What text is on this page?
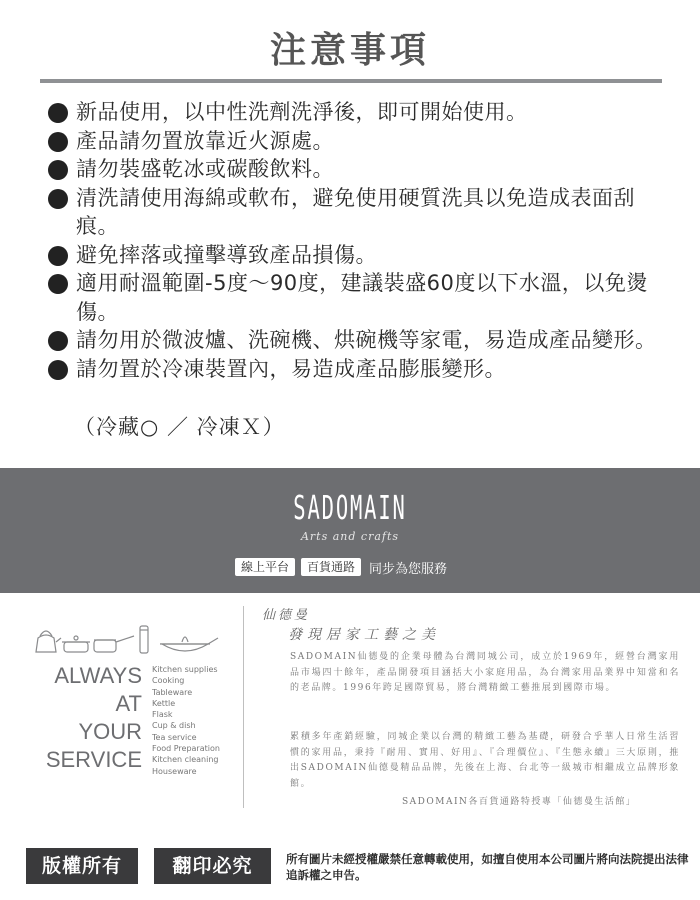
注意事項
新品使用，以中性洗劑洗淨後，即可開始使用。
產品請勿置放靠近火源處。
請勿裝盛乾冰或碳酸飲料。
清洗請使用海綿或軟布，避免使用硬質洗具以免造成表面刮痕。
避免摔落或撞擊導致產品損傷。
適用耐溫範圍-5度～90度，建議裝盛60度以下水溫，以免燙傷。
請勿用於微波爐、洗碗機、烘碗機等家電，易造成產品變形。
請勿置於冷凍裝置內，易造成產品膨脹變形。
（冷藏○ ／ 冷凍Ｘ）
SADOMAIN
Arts and crafts
線上平台	百貨通路	同步為您服務
ALWAYS AT
YOUR
SERVICE
Kitchen supplies
Cooking
Tableware
Kettle
Flask
Cup & dish
Tea service
Food Preparation
Kitchen cleaning
Houseware
仙德曼
發現居家工藝之美

SADOMAIN仙德曼的企業母體為台灣同城公司，成立於1969年，經營台灣家用品市場四十餘年，產品開發項目涵括大小家庭用品，為台灣家用品業界中知當和名的老品牌。1996年跨足國際貿易，將台灣精緻工藝推展到國際市場。

累積多年產銷經驗，同城企業以台灣的精緻工藝為基礎，研發合乎華人日常生活習慣的家用品，秉持『耐用、實用、好用』、『合理價位』、『生態永續』三大原則，推出SADOMAIN仙德曼精品品牌，先後在上海、台北等一級城市相繼成立品牌形象館。

SADOMAIN各百貨通路特授專「仙德曼生活館」
版權所有	翻印必究	所有圖片未經授權嚴禁任意轉載使用，如擅自使用本公司圖片將向法院提出法律追訴權之申告。
